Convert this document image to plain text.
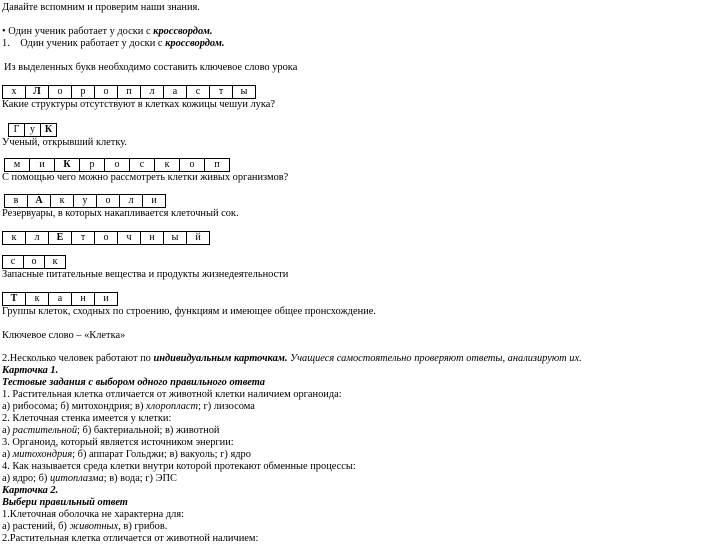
Давайте вспомним и проверим наши знания.
• Один ученик работает у доски с кроссвордом.
1. Один ученик работает у доски с кроссвордом.
Из выделенных букв необходимо составить ключевое слово урока
х	Л	о	р	о	п	л	а	с	т	ы
Какие структуры отсутствуют в клетках кожицы чешуи лука?
Г	у К
Ученый, открывший клетку.
м	и	К	р	о	с	к	о	п
С помощью чего можно рассмотреть клетки живых организмов?
в	А	к	у	о	л	и
Резервуары, в которых накапливается клеточный сок.
к	л	Е	т	о	ч	н	ы	й
с	о	к
Запасные питательные вещества и продукты жизнедеятельности
Т	к	а	н	и
Группы клеток, сходных по строению, функциям и имеющее общее пронсхождение.
Ключевое слово – «Клетка»
2.Несколько человек работают по индивидуальным карточкам. Учащиеся самостоятельно проверяют ответы, анализируют их.
Карточка 1.
Тестовые задания с выбором одного правильного ответа
1. Растительная клетка отличается от животной клетки наличием органоида:
а) рибосома; б) митохондрия; в) хлоропласт; г) лизосома
2. Клеточная стенка имеется у клетки:
а) растительной; б) бактериальной; в) животной
3. Органоид, который является источником энергии:
а) митохондрия; б) аппарат Гольджи; в) вакуоль; г) ядро
4. Как называется среда клетки внутри которой протекают обменные процессы:
а) ядро; б) цитоплазма; в) вода; г) ЭПС
Карточка 2.
Выбери правильный ответ
1.Клеточная оболочка не характерна для:
а) растений, б) животных, в) грибов.
2.Растительная клетка отличается от животной наличием:
